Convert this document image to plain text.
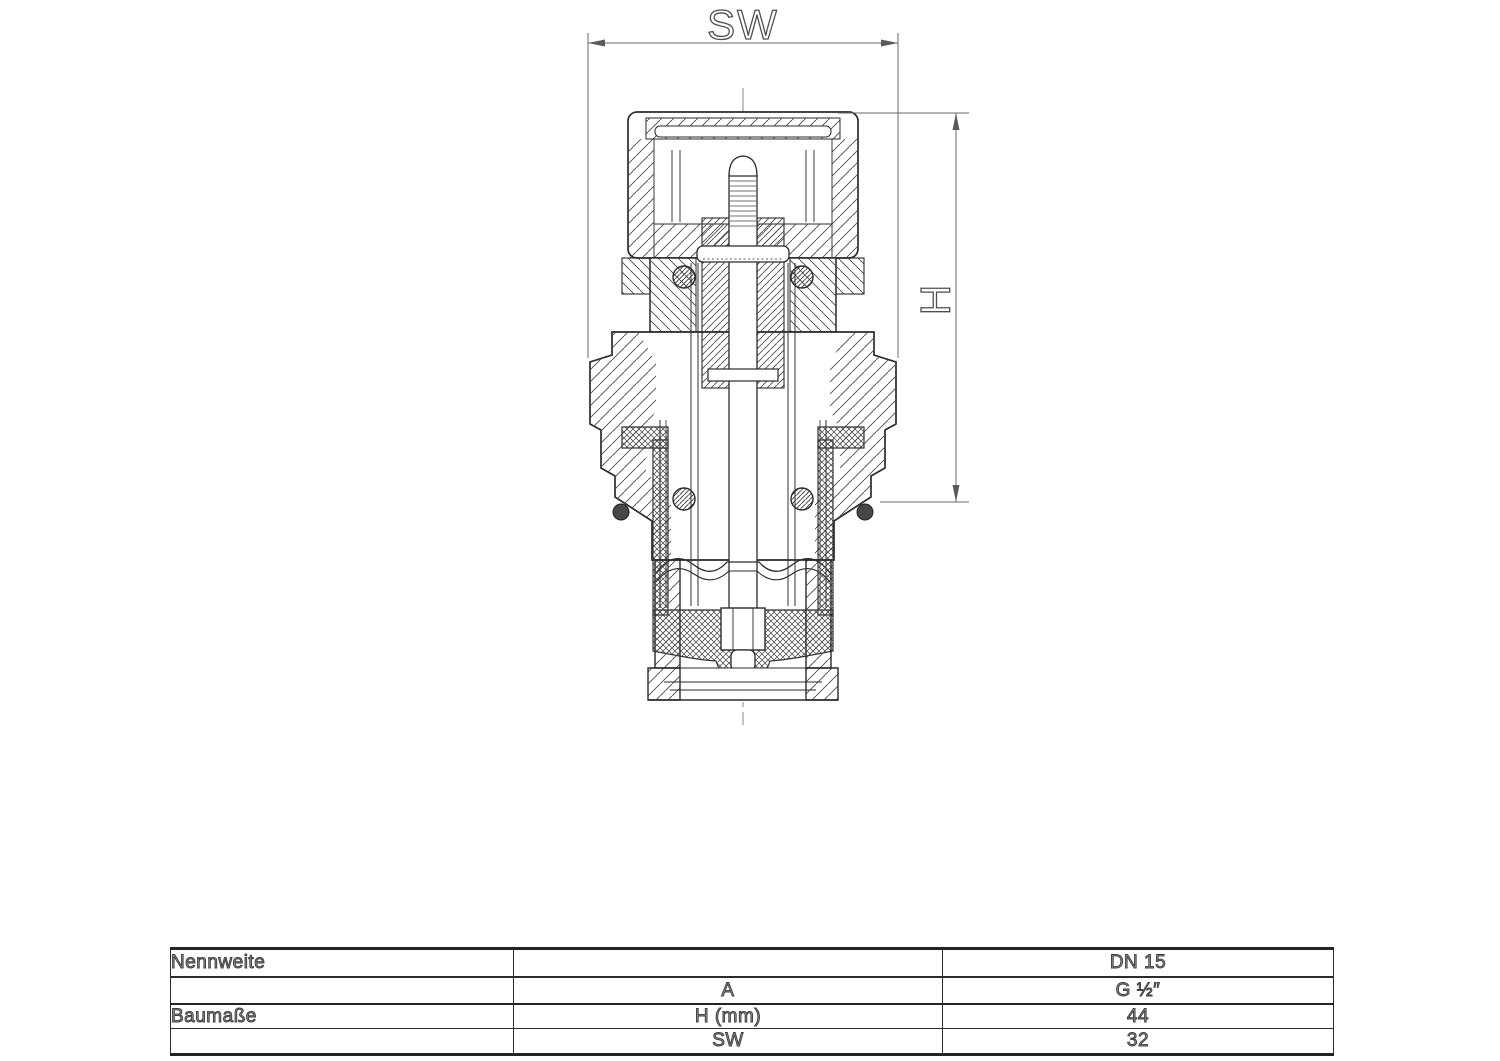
SW
H
Nennweite		DN 15
	A	G ½″
Baumaße	H (mm)	44
	SW	32
